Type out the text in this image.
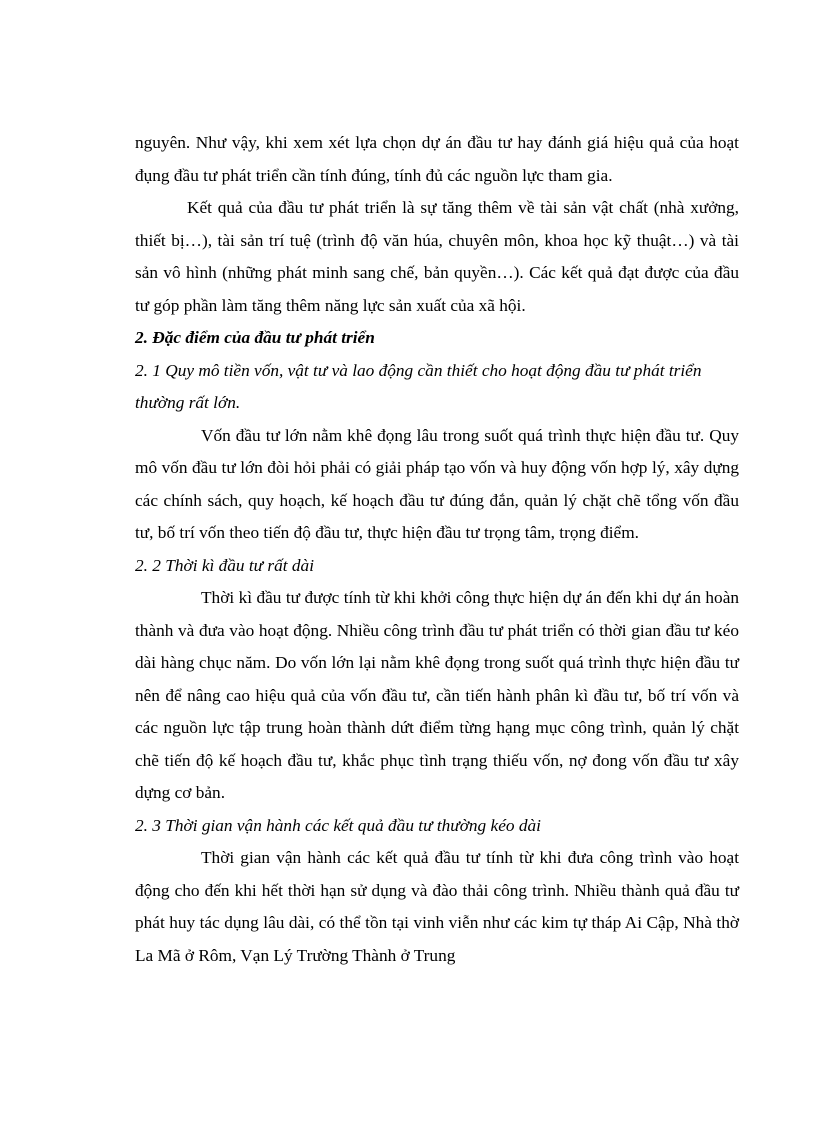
nguyên. Như vậy, khi xem xét lựa chọn dự án đầu tư hay đánh giá hiệu quả của hoạt đụng đầu tư phát triển cần tính đúng, tính đủ các nguồn lực tham gia.

Kết quả của đầu tư phát triển là sự tăng thêm về tài sản vật chất (nhà xưởng, thiết bị…), tài sản trí tuệ (trình độ văn húa, chuyên môn, khoa học kỹ thuật…) và tài sản vô hình (những phát minh sang chế, bản quyền…). Các kết quả đạt được của đầu tư góp phần làm tăng thêm năng lực sản xuất của xã hội.

2. Đặc điểm của đầu tư phát triển

2. 1 Quy mô tiền vốn, vật tư và lao động cần thiết cho hoạt động đầu tư phát triển thường rất lớn.

Vốn đầu tư lớn nằm khê đọng lâu trong suốt quá trình thực hiện đầu tư. Quy mô vốn đầu tư lớn đòi hỏi phải có giải pháp tạo vốn và huy động vốn hợp lý, xây dựng các chính sách, quy hoạch, kế hoạch đầu tư đúng đắn, quản lý chặt chẽ tổng vốn đầu tư, bố trí vốn theo tiến độ đầu tư, thực hiện đầu tư trọng tâm, trọng điểm.

2. 2 Thời kì đầu tư rất dài

Thời kì đầu tư được tính từ khi khởi công thực hiện dự án đến khi dự án hoàn thành và đưa vào hoạt động. Nhiều công trình đầu tư phát triển có thời gian đầu tư kéo dài hàng chục năm. Do vốn lớn lại nằm khê đọng trong suốt quá trình thực hiện đầu tư nên để nâng cao hiệu quả của vốn đầu tư, cần tiến hành phân kì đầu tư, bố trí vốn và các nguồn lực tập trung hoàn thành dứt điểm từng hạng mục công trình, quản lý chặt chẽ tiến độ kế hoạch đầu tư, khắc phục tình trạng thiếu vốn, nợ đong vốn đầu tư xây dựng cơ bản.

2. 3 Thời gian vận hành các kết quả đầu tư thường kéo dài

Thời gian vận hành các kết quả đầu tư tính từ khi đưa công trình vào hoạt động cho đến khi hết thời hạn sử dụng và đào thải công trình. Nhiều thành quả đầu tư phát huy tác dụng lâu dài, có thể tồn tại vinh viễn như các kim tự tháp Ai Cập, Nhà thờ La Mã ở Rôm, Vạn Lý Trường Thành ở Trung
